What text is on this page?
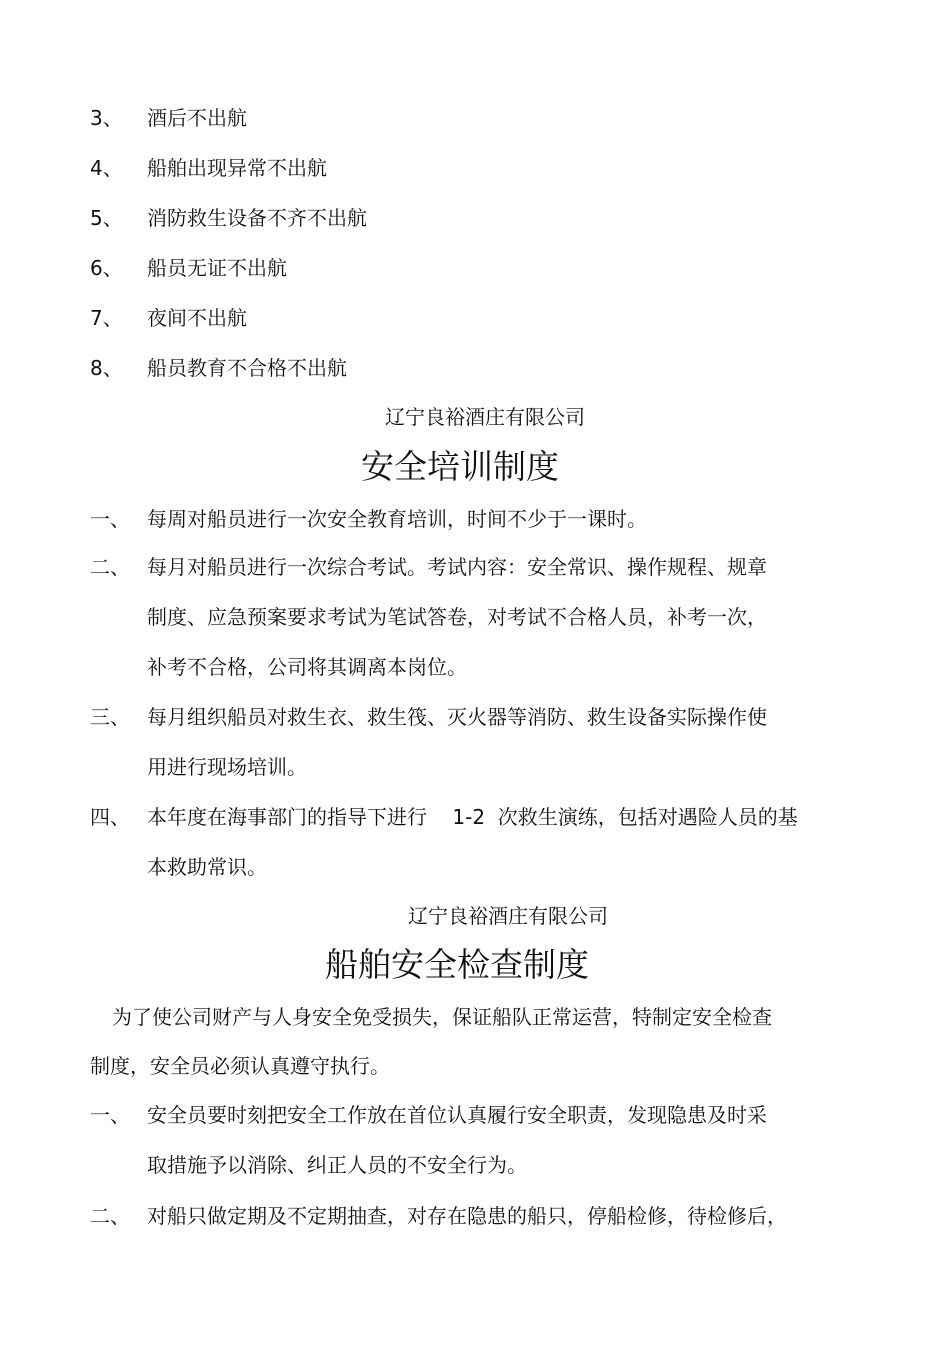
3、 酒后不出航
4、 船舶出现异常不出航
5、 消防救生设备不齐不出航
6、 船员无证不出航
7、 夜间不出航
8、 船员教育不合格不出航
辽宁良裕酒庄有限公司
安全培训制度
一、 每周对船员进行一次安全教育培训，时间不少于一课时。
二、 每月对船员进行一次综合考试。考试内容：安全常识、操作规程、规章
制度、应急预案要求考试为笔试答卷，对考试不合格人员，补考一次，
补考不合格，公司将其调离本岗位。
三、 每月组织船员对救生衣、救生筏、灭火器等消防、救生设备实际操作使
用进行现场培训。
四、 本年度在海事部门的指导下进行    1-2  次救生演练，包括对遇险人员的基
本救助常识。
辽宁良裕酒庄有限公司
船舶安全检查制度
为了使公司财产与人身安全免受损失，保证船队正常运营，特制定安全检查
制度，安全员必须认真遵守执行。
一、 安全员要时刻把安全工作放在首位认真履行安全职责，发现隐患及时采
取措施予以消除、纠正人员的不安全行为。
二、 对船只做定期及不定期抽查，对存在隐患的船只，停船检修，待检修后，
